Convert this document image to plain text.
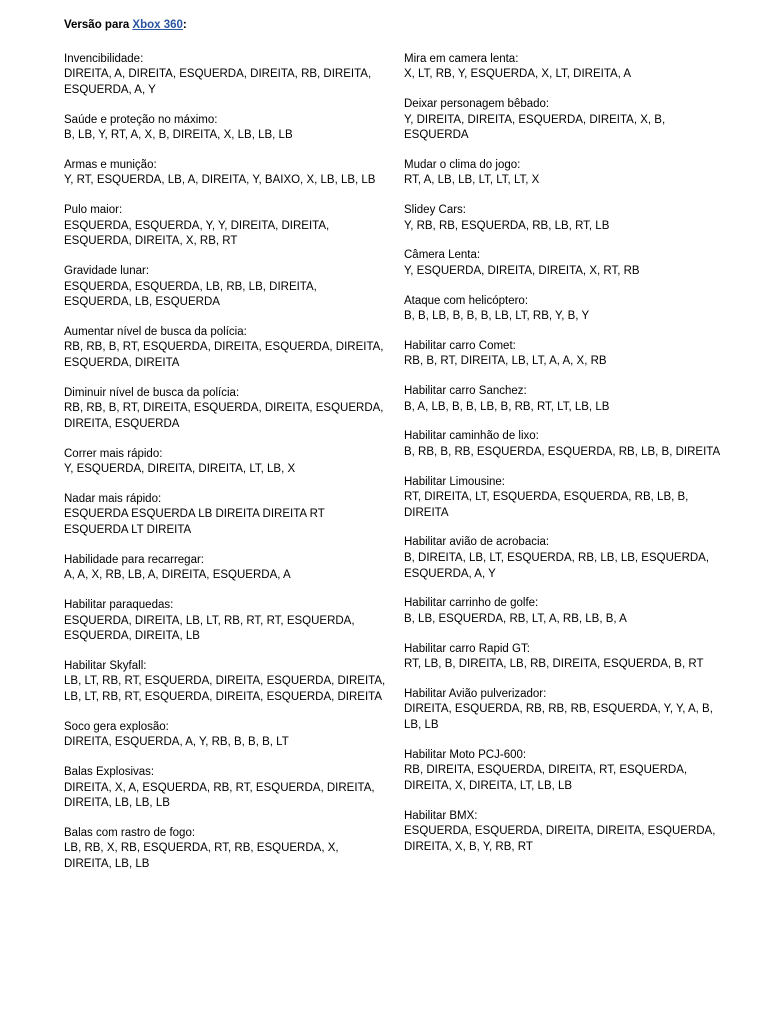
Versão para Xbox 360:

Invencibilidade:

DIREITA, A, DIREITA, ESQUERDA, DIREITA, RB, DIREITA, ESQUERDA, A, Y

Saúde e proteção no máximo:

B, LB, Y, RT, A, X, B, DIREITA, X, LB, LB, LB

Armas e munição:

Y, RT, ESQUERDA, LB, A, DIREITA, Y, BAIXO, X, LB, LB, LB

Pulo maior:

ESQUERDA, ESQUERDA, Y, Y, DIREITA, DIREITA, ESQUERDA, DIREITA, X, RB, RT

Gravidade lunar:

ESQUERDA, ESQUERDA, LB, RB, LB, DIREITA, ESQUERDA, LB, ESQUERDA

Aumentar nível de busca da polícia:

RB, RB, B, RT, ESQUERDA, DIREITA, ESQUERDA, DIREITA, ESQUERDA, DIREITA

Diminuir nível de busca da polícia:

RB, RB, B, RT, DIREITA, ESQUERDA, DIREITA, ESQUERDA, DIREITA, ESQUERDA

Correr mais rápido:

Y, ESQUERDA, DIREITA, DIREITA, LT, LB, X

Nadar mais rápido:

ESQUERDA ESQUERDA LB DIREITA DIREITA RT ESQUERDA LT DIREITA

Habilidade para recarregar:

A, A, X, RB, LB, A, DIREITA, ESQUERDA, A

Habilitar paraquedas:

ESQUERDA, DIREITA, LB, LT, RB, RT, RT, ESQUERDA, ESQUERDA, DIREITA, LB

Habilitar Skyfall:

LB, LT, RB, RT, ESQUERDA, DIREITA, ESQUERDA, DIREITA, LB, LT, RB, RT, ESQUERDA, DIREITA, ESQUERDA, DIREITA

Soco gera explosão:

DIREITA, ESQUERDA, A, Y, RB, B, B, B, LT

Balas Explosivas:

DIREITA, X, A, ESQUERDA, RB, RT, ESQUERDA, DIREITA, DIREITA, LB, LB, LB

Balas com rastro de fogo:

LB, RB, X, RB, ESQUERDA, RT, RB, ESQUERDA, X, DIREITA, LB, LB

Mira em camera lenta:

X, LT, RB, Y, ESQUERDA, X, LT, DIREITA, A

Deixar personagem bêbado:

Y, DIREITA, DIREITA, ESQUERDA, DIREITA, X, B, ESQUERDA

Mudar o clima do jogo:

RT, A, LB, LB, LT, LT, LT, X

Slidey Cars:

Y, RB, RB, ESQUERDA, RB, LB, RT, LB

Câmera Lenta:

Y, ESQUERDA, DIREITA, DIREITA, X, RT, RB

Ataque com helicóptero:

B, B, LB, B, B, B, LB, LT, RB, Y, B, Y

Habilitar carro Comet:

RB, B, RT, DIREITA, LB, LT, A, A, X, RB

Habilitar carro Sanchez:

B, A, LB, B, B, LB, B, RB, RT, LT, LB, LB

Habilitar caminhão de lixo:

B, RB, B, RB, ESQUERDA, ESQUERDA, RB, LB, B, DIREITA

Habilitar Limousine:

RT, DIREITA, LT, ESQUERDA, ESQUERDA, RB, LB, B, DIREITA

Habilitar avião de acrobacia:

B, DIREITA, LB, LT, ESQUERDA, RB, LB, LB, ESQUERDA, ESQUERDA, A, Y

Habilitar carrinho de golfe:

B, LB, ESQUERDA, RB, LT, A, RB, LB, B, A

Habilitar carro Rapid GT:

RT, LB, B, DIREITA, LB, RB, DIREITA, ESQUERDA, B, RT

Habilitar Avião pulverizador:

DIREITA, ESQUERDA, RB, RB, RB, ESQUERDA, Y, Y, A, B, LB, LB

Habilitar Moto PCJ-600:

RB, DIREITA, ESQUERDA, DIREITA, RT, ESQUERDA, DIREITA, X, DIREITA, LT, LB, LB

Habilitar BMX:

ESQUERDA, ESQUERDA, DIREITA, DIREITA, ESQUERDA, DIREITA, X, B, Y, RB, RT
